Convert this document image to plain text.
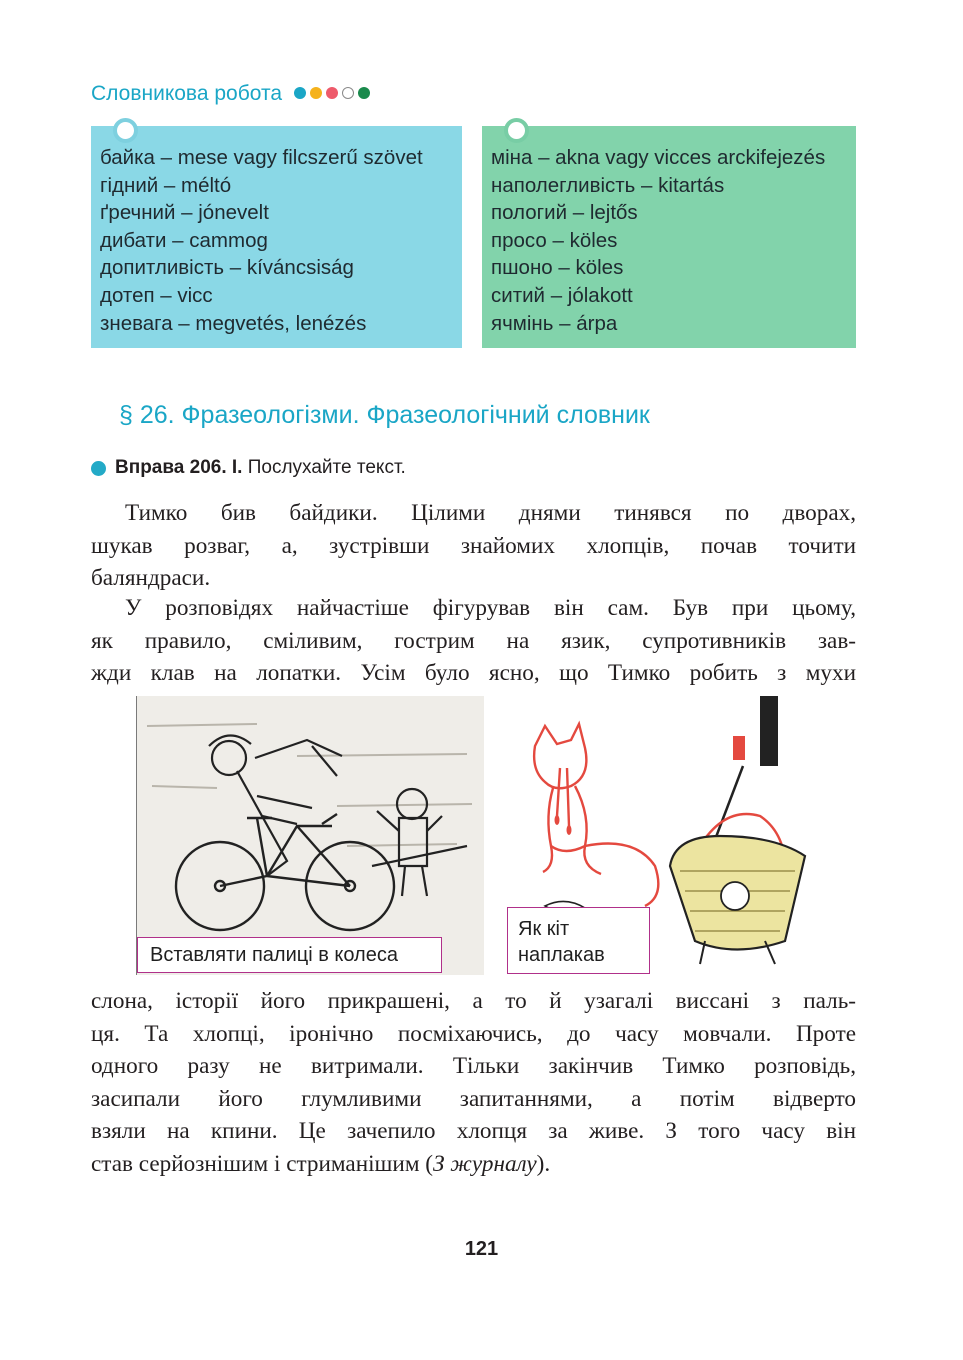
Словникова робота
байка – mese vagy filcszerű szövet
гідний – méltó
ґречний – jónevelt
дибати – cammog
допитливість – kíváncsiság
дотеп – vicc
зневага – megvetés, lenézés
міна – akna vagy vicces arckifejezés
наполегливість – kitartás
пологий – lejtős
просо – köles
пшоно – köles
ситий – jólakott
ячмінь – árpa
§ 26. Фразеологізми. Фразеологічний словник
Вправа 206.
I.
Послухайте текст.

Тимко бив байдики. Цілими днями тинявся по дворах,
шукав розваг, а, зустрівши знайомих хлопців, почав точити
баляндраси.

У розповідях найчастіше фігурував він сам. Був при цьому,
як правило, сміливим, гострим на язик, супротивників зав-
жди клав на лопатки. Усім було ясно, що Тимко робить з мухи

Вставляти палиці в колеса
Як кіт
наплакав

слона, історії його прикрашені, а то й узагалі виссані з паль-
ця. Та хлопці, іронічно посміхаючись, до часу мовчали. Проте
одного разу не витримали. Тільки закінчив Тимко розповідь,
засипали його глумливими запитаннями, а потім відверто
взяли на кпини. Це зачепило хлопця за живе. З того часу він
став серйознішим і стриманішим (З журналу).

121
